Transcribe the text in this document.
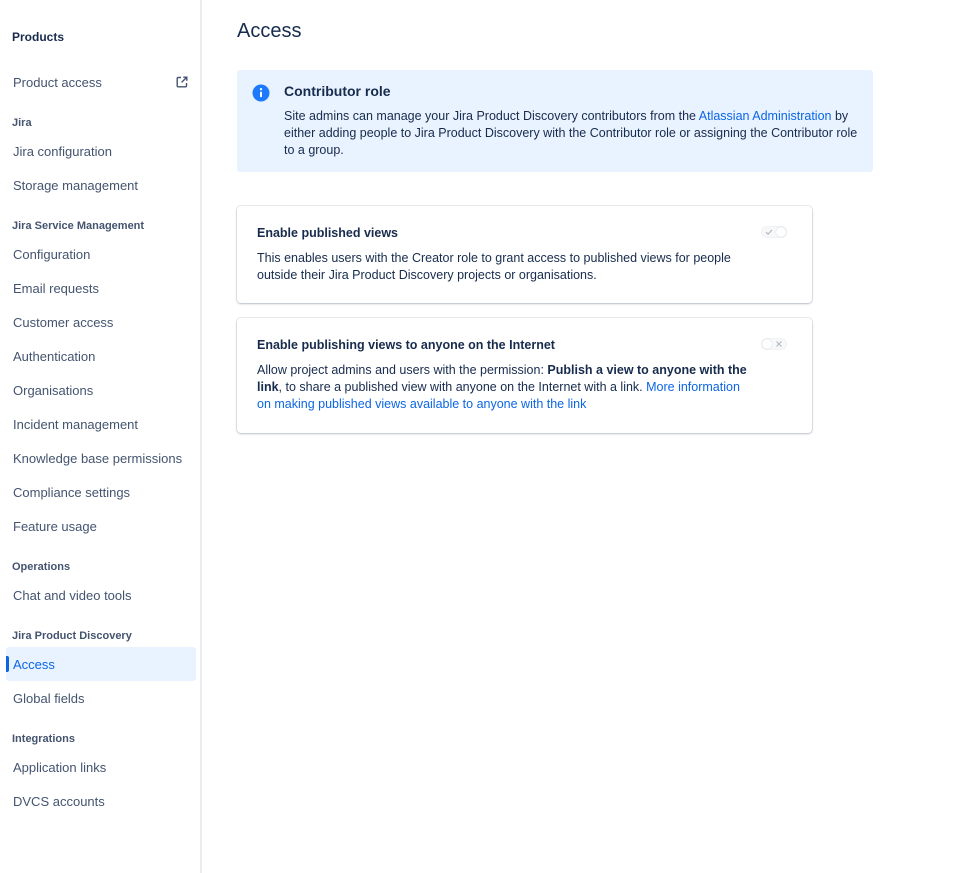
Products
Product access
Jira
Jira configuration
Storage management
Jira Service Management
Configuration
Email requests
Customer access
Authentication
Organisations
Incident management
Knowledge base permissions
Compliance settings
Feature usage
Operations
Chat and video tools
Jira Product Discovery
Access
Global fields
Integrations
Application links
DVCS accounts
Access
Contributor role
Site admins can manage your Jira Product Discovery contributors from the Atlassian Administration by either adding people to Jira Product Discovery with the Contributor role or assigning the Contributor role to a group.
Enable published views
This enables users with the Creator role to grant access to published views for people outside their Jira Product Discovery projects or organisations.
Enable publishing views to anyone on the Internet
Allow project admins and users with the permission: Publish a view to anyone with the link, to share a published view with anyone on the Internet with a link. More information on making published views available to anyone with the link
